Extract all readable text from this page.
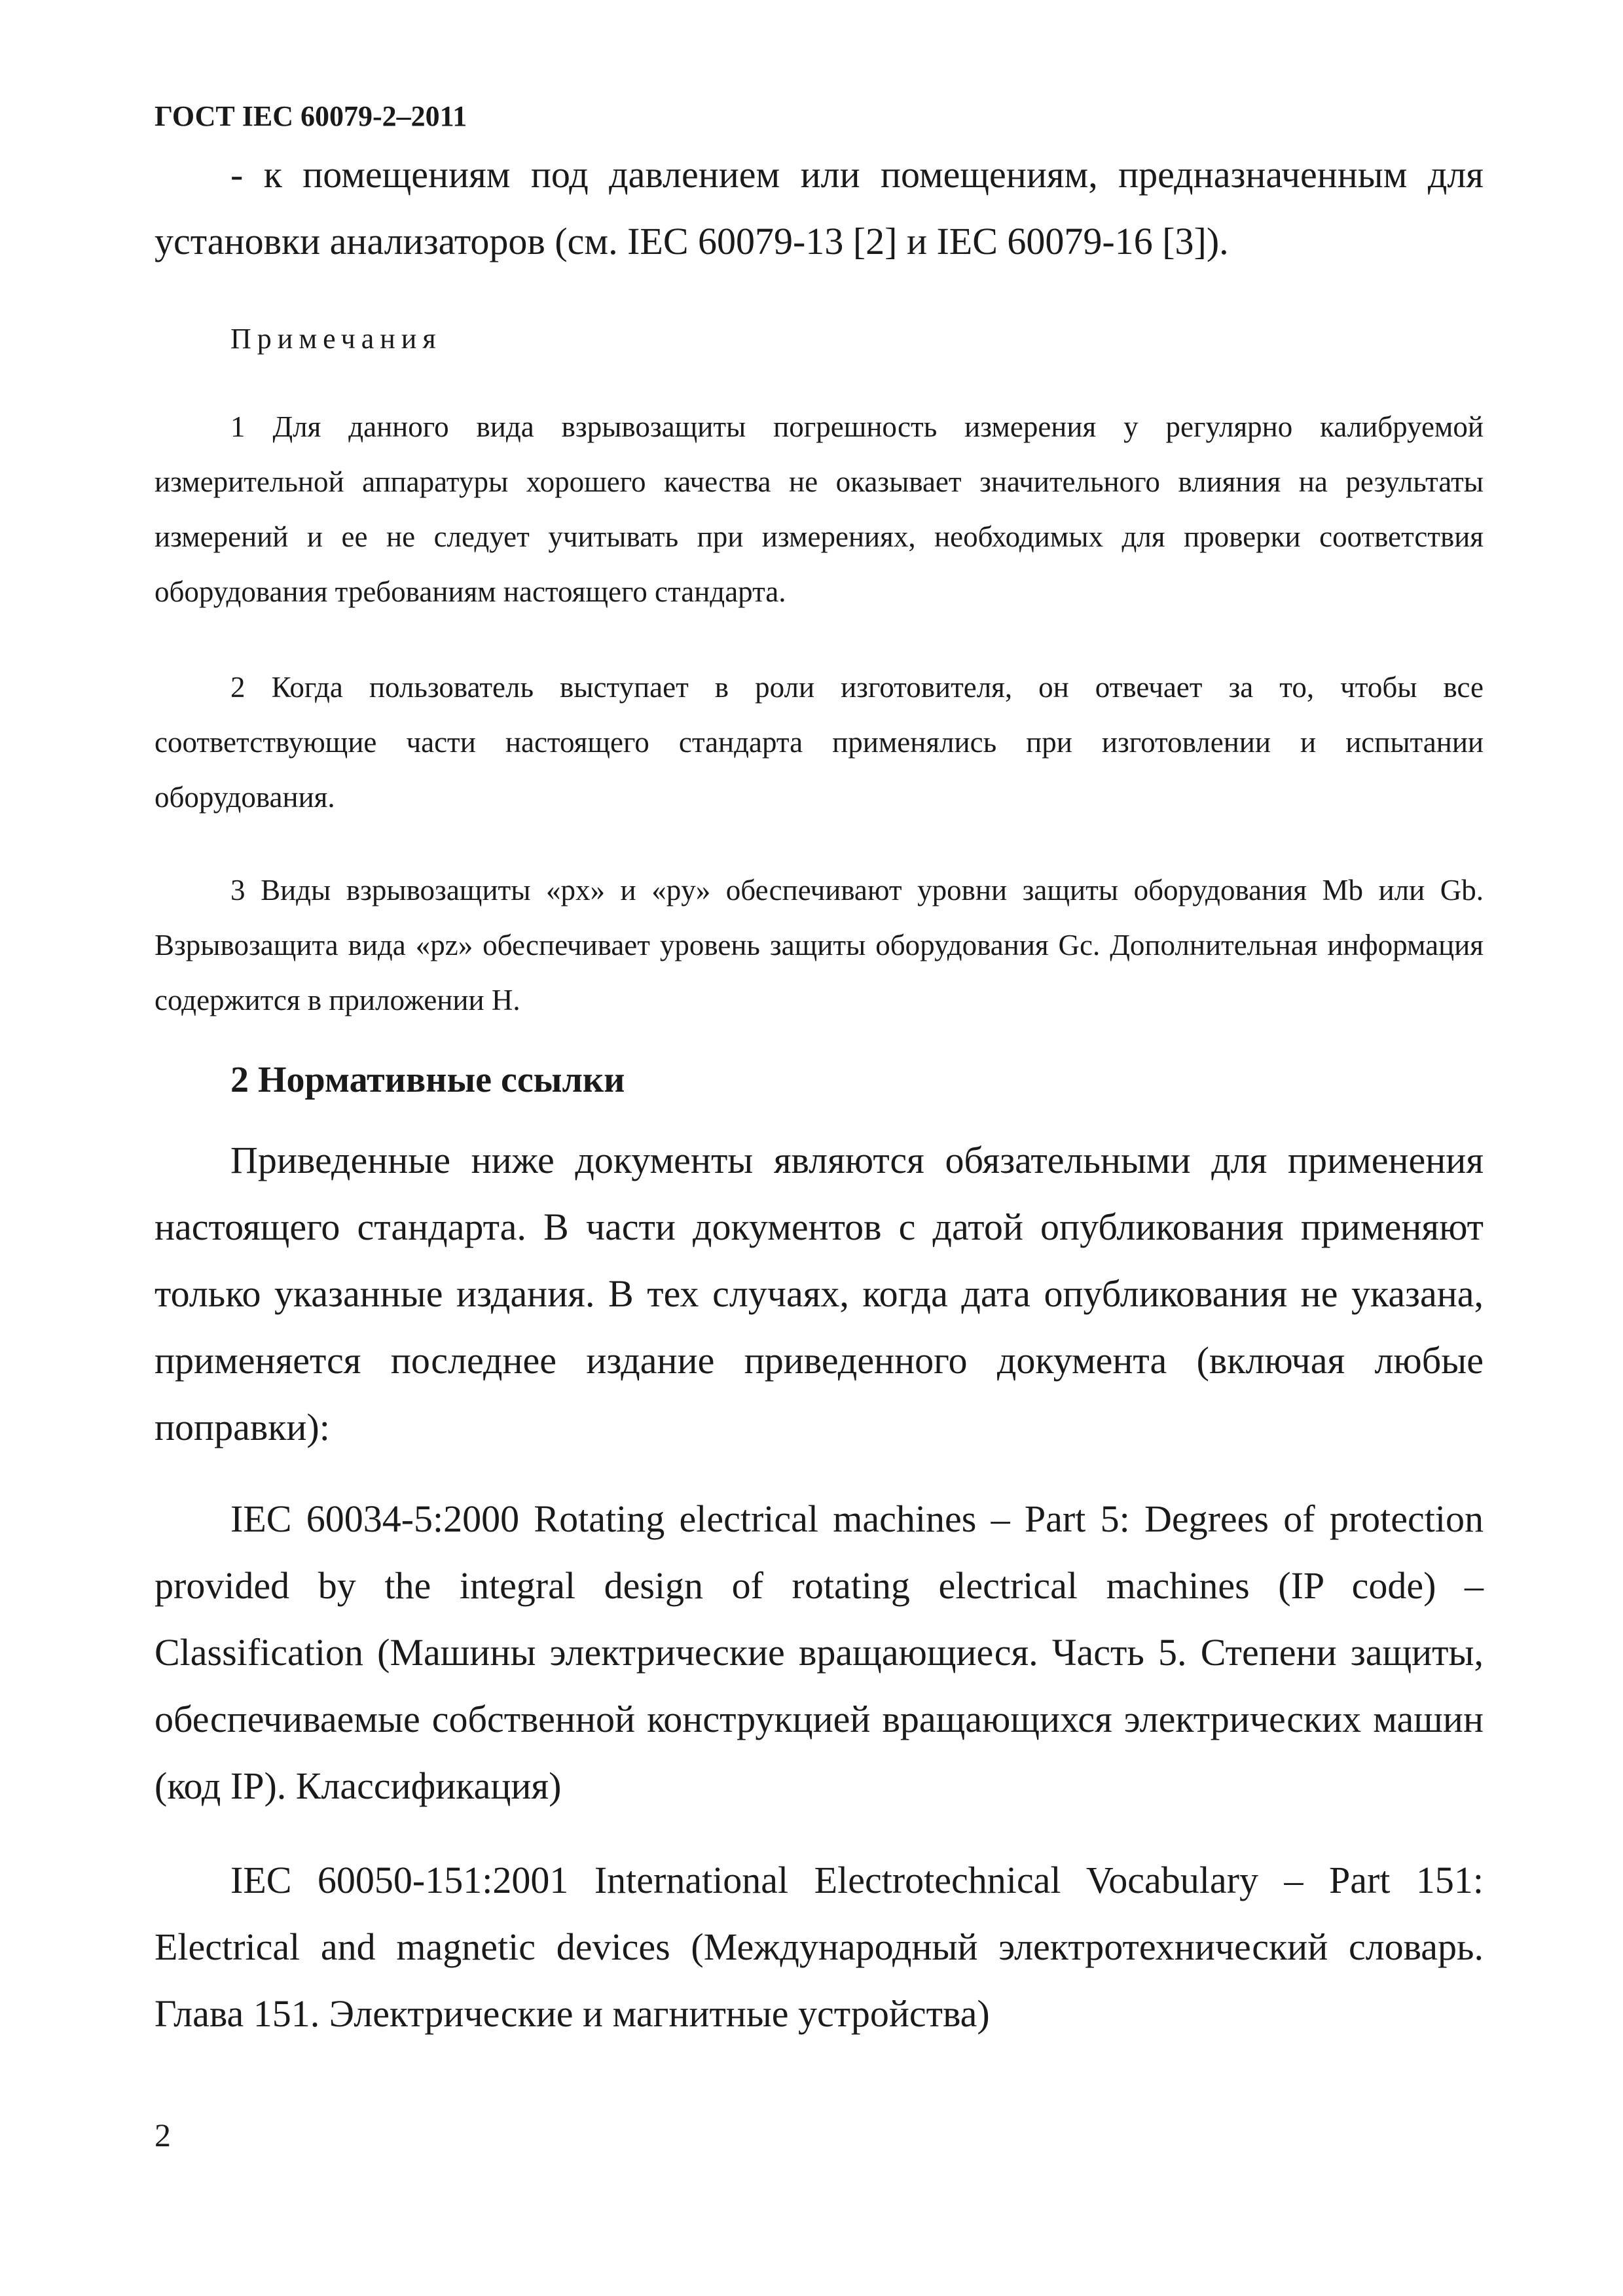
ГОСТ IEC 60079-2–2011
- к помещениям под давлением или помещениям, предназначенным для установки анализаторов (см. IEC 60079-13 [2] и IEC 60079-16 [3]).
Примечания
1 Для данного вида взрывозащиты погрешность измерения у регулярно калибруемой измерительной аппаратуры хорошего качества не оказывает значительного влияния на результаты измерений и ее не следует учитывать при измерениях, необходимых для проверки соответствия оборудования требованиям настоящего стандарта.
2 Когда пользователь выступает в роли изготовителя, он отвечает за то, чтобы все соответствующие части настоящего стандарта применялись при изготовлении и испытании оборудования.
3 Виды взрывозащиты «px» и «py» обеспечивают уровни защиты оборудования Mb или Gb. Взрывозащита вида «pz» обеспечивает уровень защиты оборудования Gc. Дополнительная информация содержится в приложении H.
2 Нормативные ссылки
Приведенные ниже документы являются обязательными для применения настоящего стандарта. В части документов с датой опубликования применяют только указанные издания. В тех случаях, когда дата опубликования не указана, применяется последнее издание приведенного документа (включая любые поправки):
IEC 60034-5:2000 Rotating electrical machines – Part 5: Degrees of protection provided by the integral design of rotating electrical machines (IP code) – Classification (Машины электрические вращающиеся. Часть 5. Степени защиты, обеспечиваемые собственной конструкцией вращающихся электрических машин (код IP). Классификация)
IEC 60050-151:2001 International Electrotechnical Vocabulary – Part 151: Electrical and magnetic devices (Международный электротехнический словарь. Глава 151. Электрические и магнитные устройства)
2
